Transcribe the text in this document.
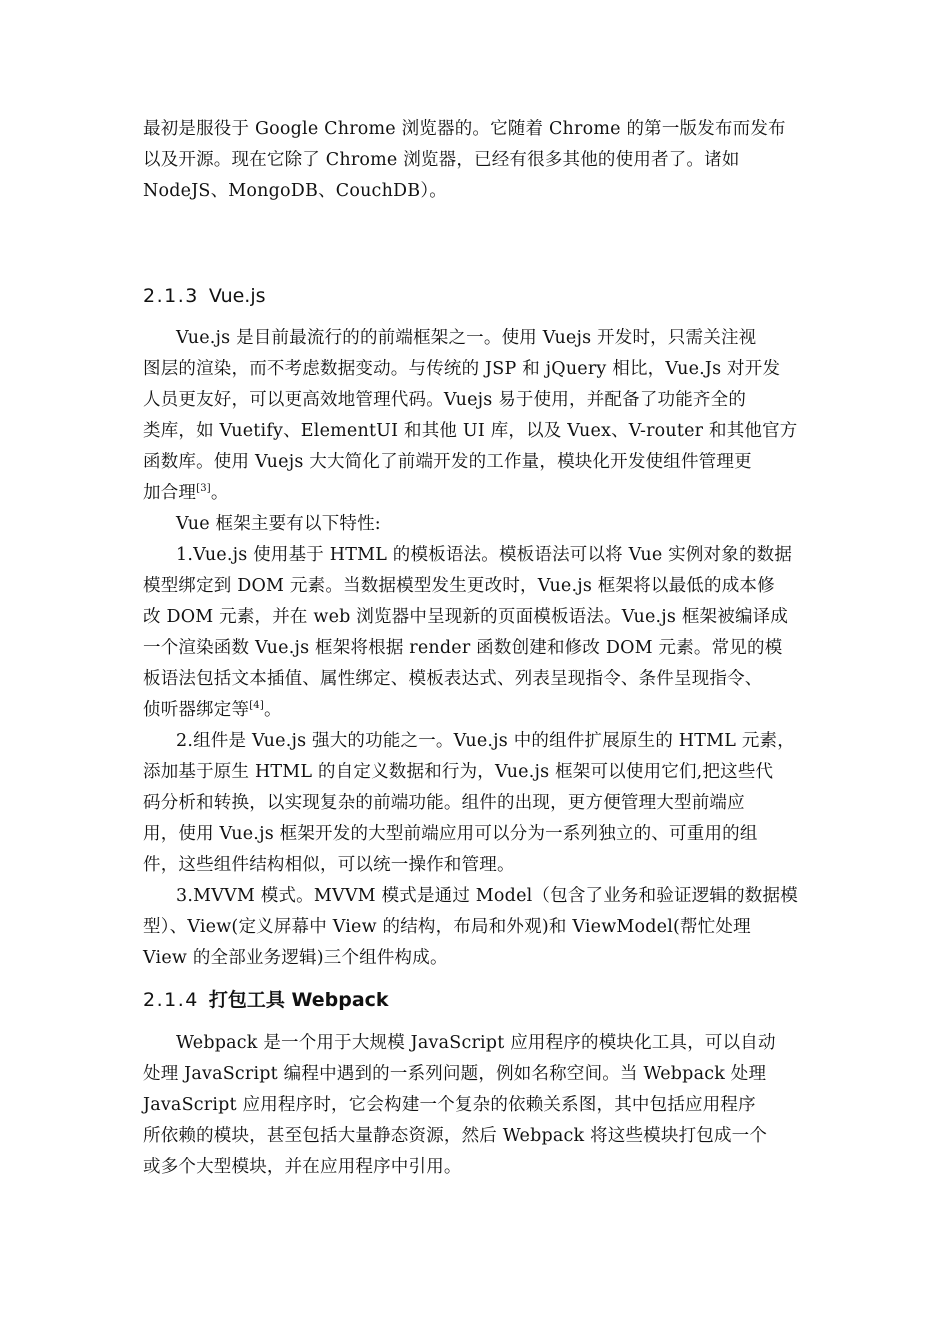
最初是服役于 Google Chrome 浏览器的。它随着 Chrome 的第一版发布而发布
以及开源。现在它除了 Chrome 浏览器，已经有很多其他的使用者了。诸如
NodeJS、MongoDB、CouchDB）。
2.1.3 Vue.js
Vue.js 是目前最流行的的前端框架之一。使用 Vuejs 开发时，只需关注视
图层的渲染，而不考虑数据变动。与传统的 JSP 和 jQuery 相比，Vue.Js 对开发
人员更友好，可以更高效地管理代码。Vuejs 易于使用，并配备了功能齐全的
类库，如 Vuetify、ElementUI 和其他 UI 库，以及 Vuex、V-router 和其他官方
函数库。使用 Vuejs 大大简化了前端开发的工作量，模块化开发使组件管理更
加合理[3]。
Vue 框架主要有以下特性:
1.Vue.js 使用基于 HTML 的模板语法。模板语法可以将 Vue 实例对象的数据
模型绑定到 DOM 元素。当数据模型发生更改时，Vue.js 框架将以最低的成本修
改 DOM 元素，并在 web 浏览器中呈现新的页面模板语法。Vue.js 框架被编译成
一个渲染函数 Vue.js 框架将根据 render 函数创建和修改 DOM 元素。常见的模
板语法包括文本插值、属性绑定、模板表达式、列表呈现指令、条件呈现指令、
侦听器绑定等[4]。
2.组件是 Vue.js 强大的功能之一。Vue.js 中的组件扩展原生的 HTML 元素，
添加基于原生 HTML 的自定义数据和行为，Vue.js 框架可以使用它们,把这些代
码分析和转换，以实现复杂的前端功能。组件的出现，更方便管理大型前端应
用，使用 Vue.js 框架开发的大型前端应用可以分为一系列独立的、可重用的组
件，这些组件结构相似，可以统一操作和管理。
3.MVVM 模式。MVVM 模式是通过 Model（包含了业务和验证逻辑的数据模
型）、View(定义屏幕中 View 的结构，布局和外观)和 ViewModel(帮忙处理
View 的全部业务逻辑)三个组件构成。
2.1.4 打包工具 Webpack
Webpack 是一个用于大规模 JavaScript 应用程序的模块化工具，可以自动
处理 JavaScript 编程中遇到的一系列问题，例如名称空间。当 Webpack 处理
JavaScript 应用程序时，它会构建一个复杂的依赖关系图，其中包括应用程序
所依赖的模块，甚至包括大量静态资源，然后 Webpack 将这些模块打包成一个
或多个大型模块，并在应用程序中引用。
